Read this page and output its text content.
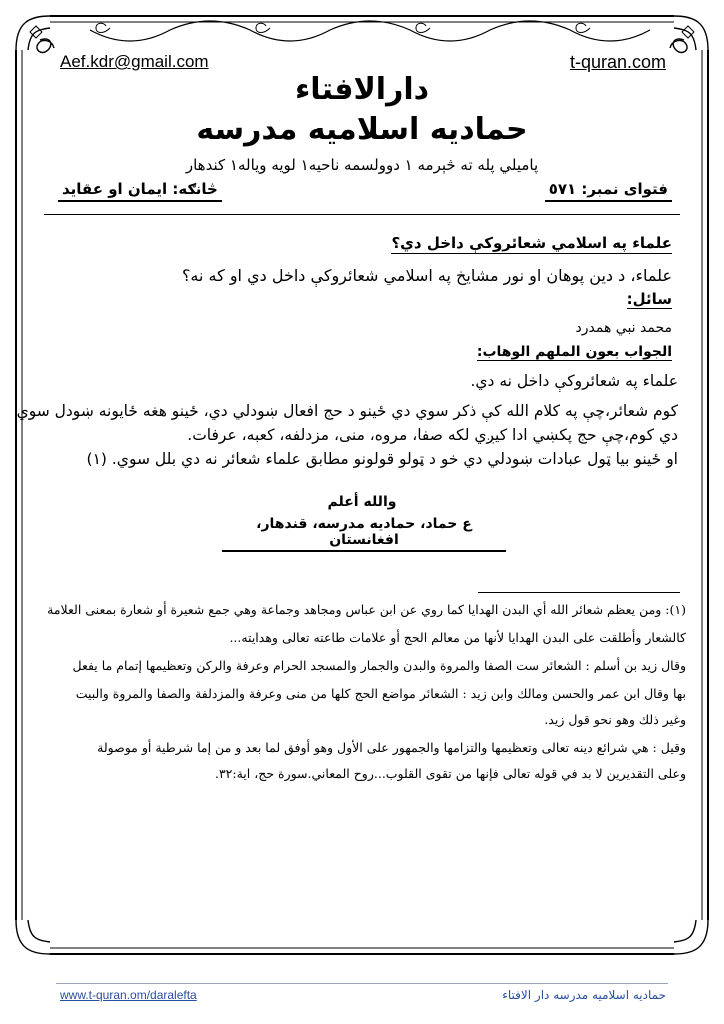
Aef.kdr@gmail.com	t-quran.com
دارالافتاء
حماديه اسلاميه مدرسه
پاميلي پله ته څېرمه ١ دوولسمه ناحيه١ لويه وياله١ کندهار
فتواى نمبر: ٥٧١
څانګه: ايمان او عقايد
علماء په اسلامي شعائروکې داخل دي؟
علماء، د دين پوهان او نور مشايخ په اسلامي شعائروکې داخل دي او که نه؟
سائل:
محمد نبي همدرد
الجواب بعون الملهم الوهاب:
علماء په شعائروکې داخل نه دي.
کوم شعائر،چې په کلام الله کې ذکر سوي دي ځينو د حج افعال ښودلي دي، ځينو هغه ځايونه ښودل سوي
دي کوم،چې حج پکښي ادا کيږي لکه صفا، مروه، منی، مزدلفه، کعبه، عرفات.
او ځينو بيا ټول عبادات ښودلي دي خو د ټولو قولونو مطابق علماء شعائر نه دي بلل سوي. (١)
والله أعلم
ع حماد، حماديه مدرسه، قندهار، افغانستان
(١): ومن يعظم شعائر الله أي البدن الهدايا كما روي عن ابن عباس ومجاهد وجماعة وهي جمع شعيرة أو شعارة بمعنى العلامة
كالشعار وأطلقت على البدن الهدايا لأنها من معالم الحج أو علامات طاعته تعالى وهدايته...
وقال زيد بن أسلم : الشعائر ست الصفا والمروة والبدن والجمار والمسجد الحرام وعرفة والركن وتعظيمها إتمام ما يفعل
بها وقال ابن عمر والحسن ومالك وابن زيد : الشعائر مواضع الحج كلها من منى وعرفة والمزدلفة والصفا والمروة والبيت
وغير ذلك وهو نحو قول زيد.
وقيل : هي شرائع دينه تعالى وتعظيمها والتزامها والجمهور على الأول وهو أوفق لما بعد و من إما شرطية أو موصولة
وعلى التقديرين لا بد في قوله تعالى فإنها من تقوى القلوب...روح المعاني.سورة حج، اية:٣٢.
www.t-quran.om/daralefta	حماديه اسلاميه مدرسه دار الافتاء
